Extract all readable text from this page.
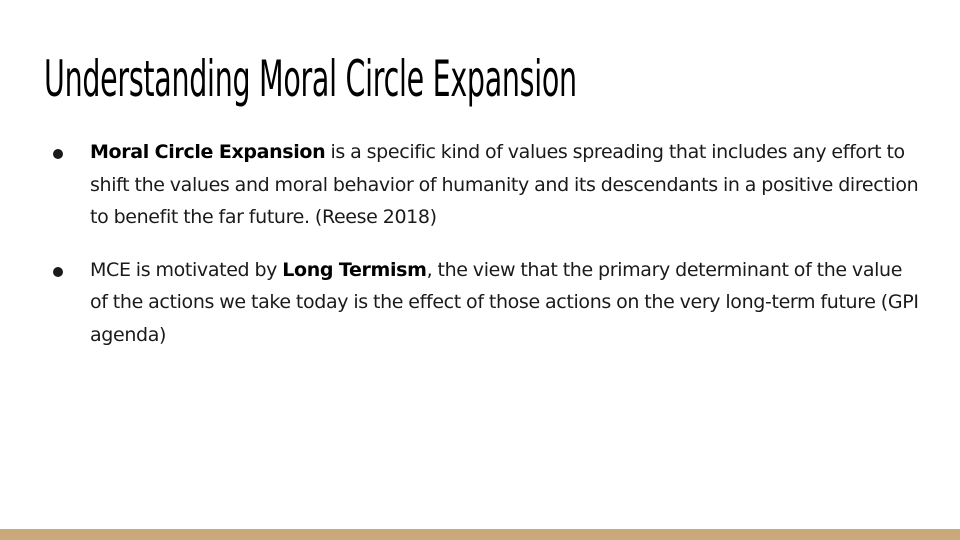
Understanding Moral Circle Expansion
Moral Circle Expansion is a specific kind of values spreading that includes any effort to shift the values and moral behavior of humanity and its descendants in a positive direction to benefit the far future. (Reese 2018)
MCE is motivated by Long Termism, the view that the primary determinant of the value of the actions we take today is the effect of those actions on the very long-term future (GPI agenda)
